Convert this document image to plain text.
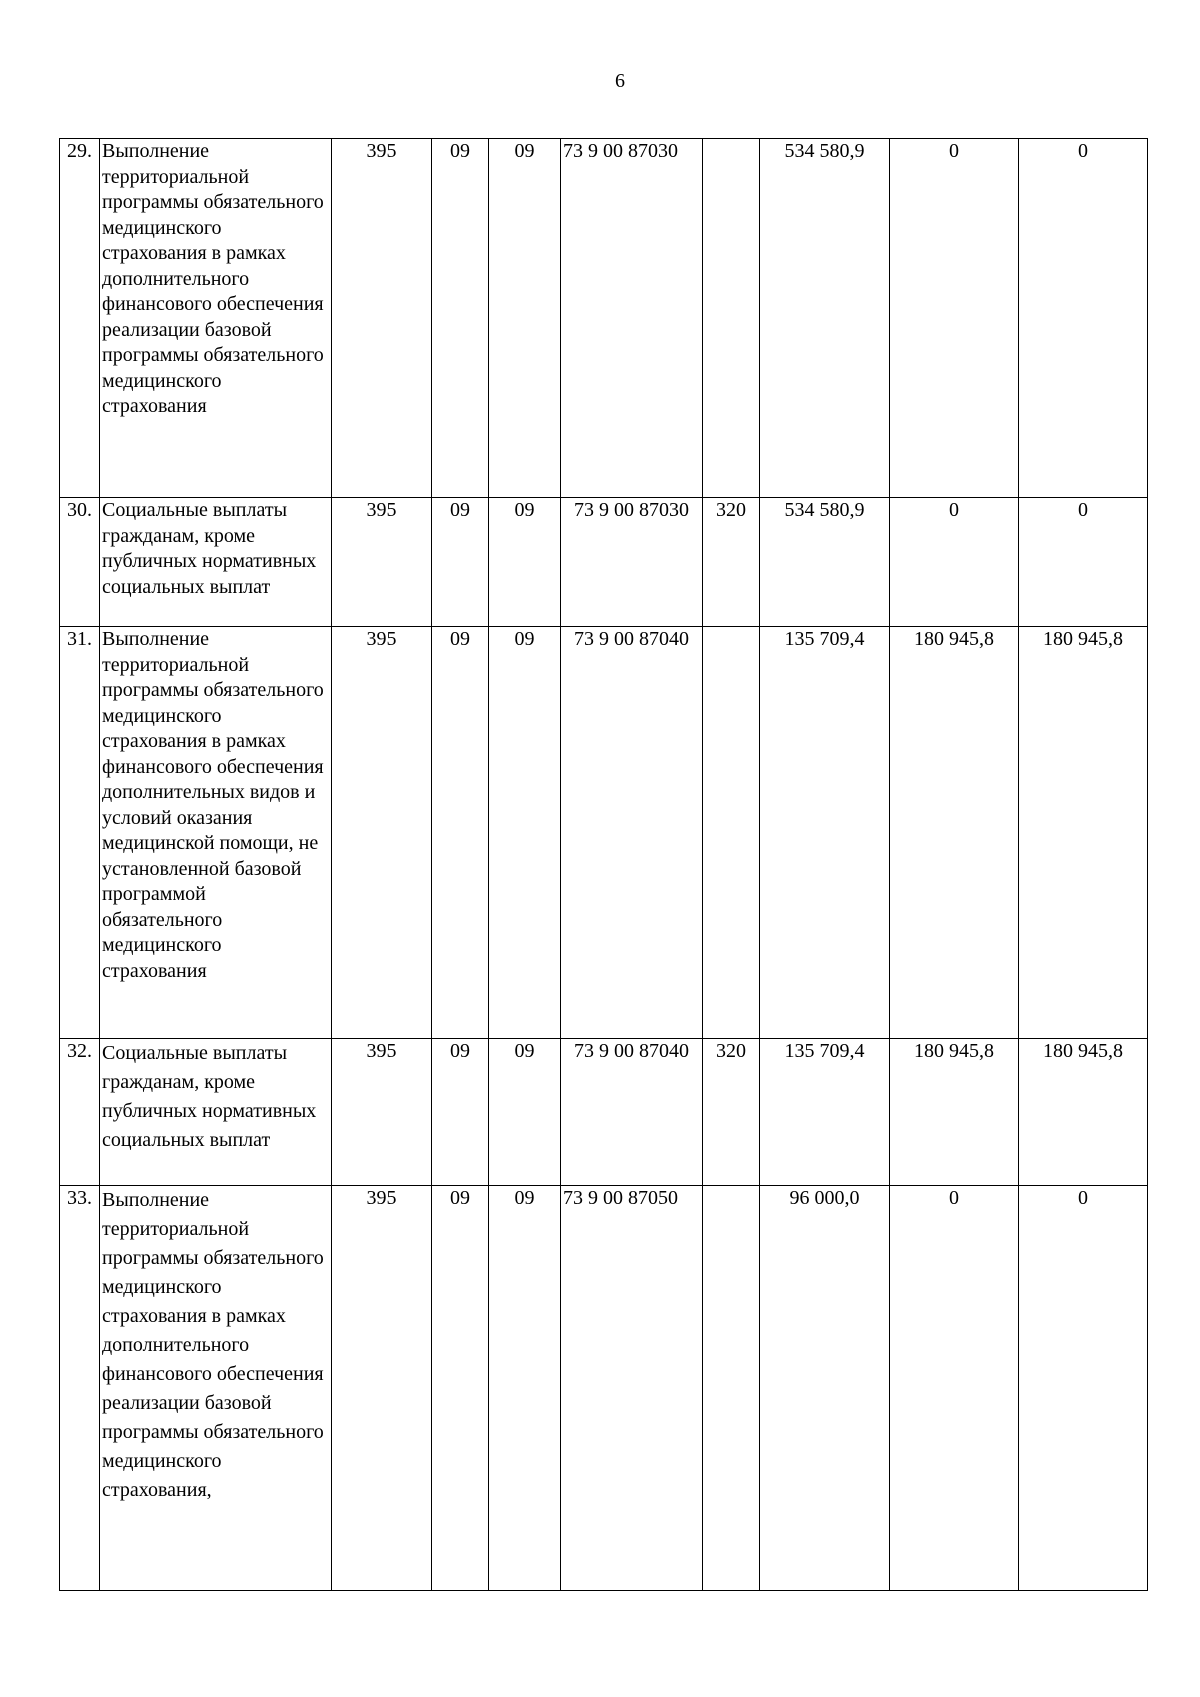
6
29.	Выполнение территориальной программы обязательного медицинского страхования в рамках дополнительного финансового обеспечения реализации базовой программы обязательного медицинского страхования	395	09	09	73 9 00 87030		534 580,9	0	0
30.	Социальные выплаты гражданам, кроме публичных нормативных социальных выплат	395	09	09	73 9 00 87030	320	534 580,9	0	0
31.	Выполнение территориальной программы обязательного медицинского страхования в рамках финансового обеспечения дополнительных видов и условий оказания медицинской помощи, не установленной базовой программой обязательного медицинского страхования	395	09	09	73 9 00 87040		135 709,4	180 945,8	180 945,8
32.	Социальные выплаты гражданам, кроме публичных нормативных социальных выплат	395	09	09	73 9 00 87040	320	135 709,4	180 945,8	180 945,8
33.	Выполнение территориальной программы обязательного медицинского страхования в рамках дополнительного финансового обеспечения реализации базовой программы обязательного медицинского страхования,	395	09	09	73 9 00 87050		96 000,0	0	0
